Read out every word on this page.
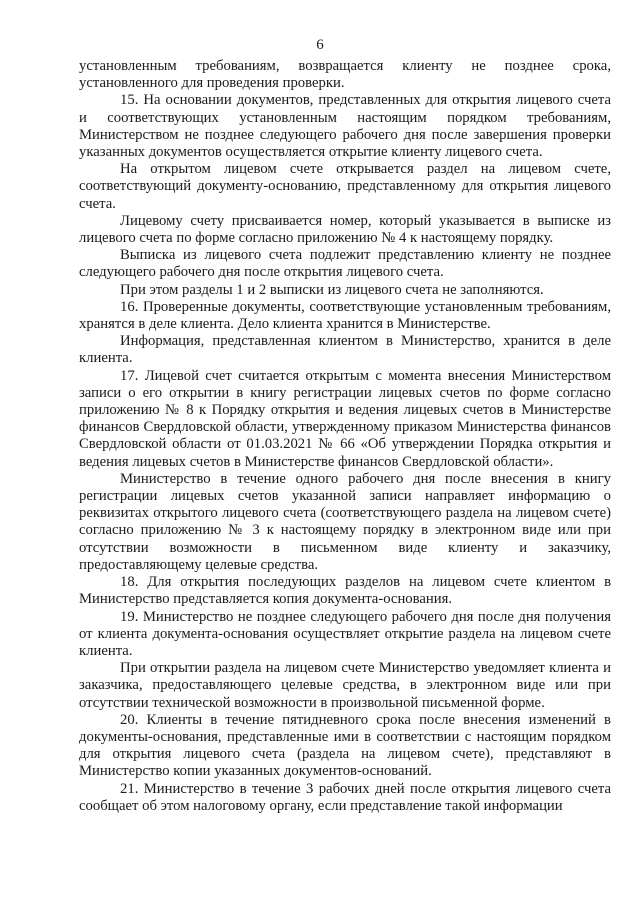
6

установленным требованиям, возвращается клиенту не позднее срока, установленного для проведения проверки.

15. На основании документов, представленных для открытия лицевого счета и соответствующих установленным настоящим порядком требованиям, Министерством не позднее следующего рабочего дня после завершения проверки указанных документов осуществляется открытие клиенту лицевого счета.

На открытом лицевом счете открывается раздел на лицевом счете, соответствующий документу-основанию, представленному для открытия лицевого счета.

Лицевому счету присваивается номер, который указывается в выписке из лицевого счета по форме согласно приложению № 4 к настоящему порядку.

Выписка из лицевого счета подлежит представлению клиенту не позднее следующего рабочего дня после открытия лицевого счета.

При этом разделы 1 и 2 выписки из лицевого счета не заполняются.

16. Проверенные документы, соответствующие установленным требованиям, хранятся в деле клиента. Дело клиента хранится в Министерстве.

Информация, представленная клиентом в Министерство, хранится в деле клиента.

17. Лицевой счет считается открытым с момента внесения Министерством записи о его открытии в книгу регистрации лицевых счетов по форме согласно приложению № 8 к Порядку открытия и ведения лицевых счетов в Министерстве финансов Свердловской области, утвержденному приказом Министерства финансов Свердловской области от 01.03.2021 № 66 «Об утверждении Порядка открытия и ведения лицевых счетов в Министерстве финансов Свердловской области».

Министерство в течение одного рабочего дня после внесения в книгу регистрации лицевых счетов указанной записи направляет информацию о реквизитах открытого лицевого счета (соответствующего раздела на лицевом счете) согласно приложению № 3 к настоящему порядку в электронном виде или при отсутствии возможности в письменном виде клиенту и заказчику, предоставляющему целевые средства.

18. Для открытия последующих разделов на лицевом счете клиентом в Министерство представляется копия документа-основания.

19. Министерство не позднее следующего рабочего дня после дня получения от клиента документа-основания осуществляет открытие раздела на лицевом счете клиента.

При открытии раздела на лицевом счете Министерство уведомляет клиента и заказчика, предоставляющего целевые средства, в электронном виде или при отсутствии технической возможности в произвольной письменной форме.

20. Клиенты в течение пятидневного срока после внесения изменений в документы-основания, представленные ими в соответствии с настоящим порядком для открытия лицевого счета (раздела на лицевом счете), представляют в Министерство копии указанных документов-оснований.

21. Министерство в течение 3 рабочих дней после открытия лицевого счета сообщает об этом налоговому органу, если представление такой информации
